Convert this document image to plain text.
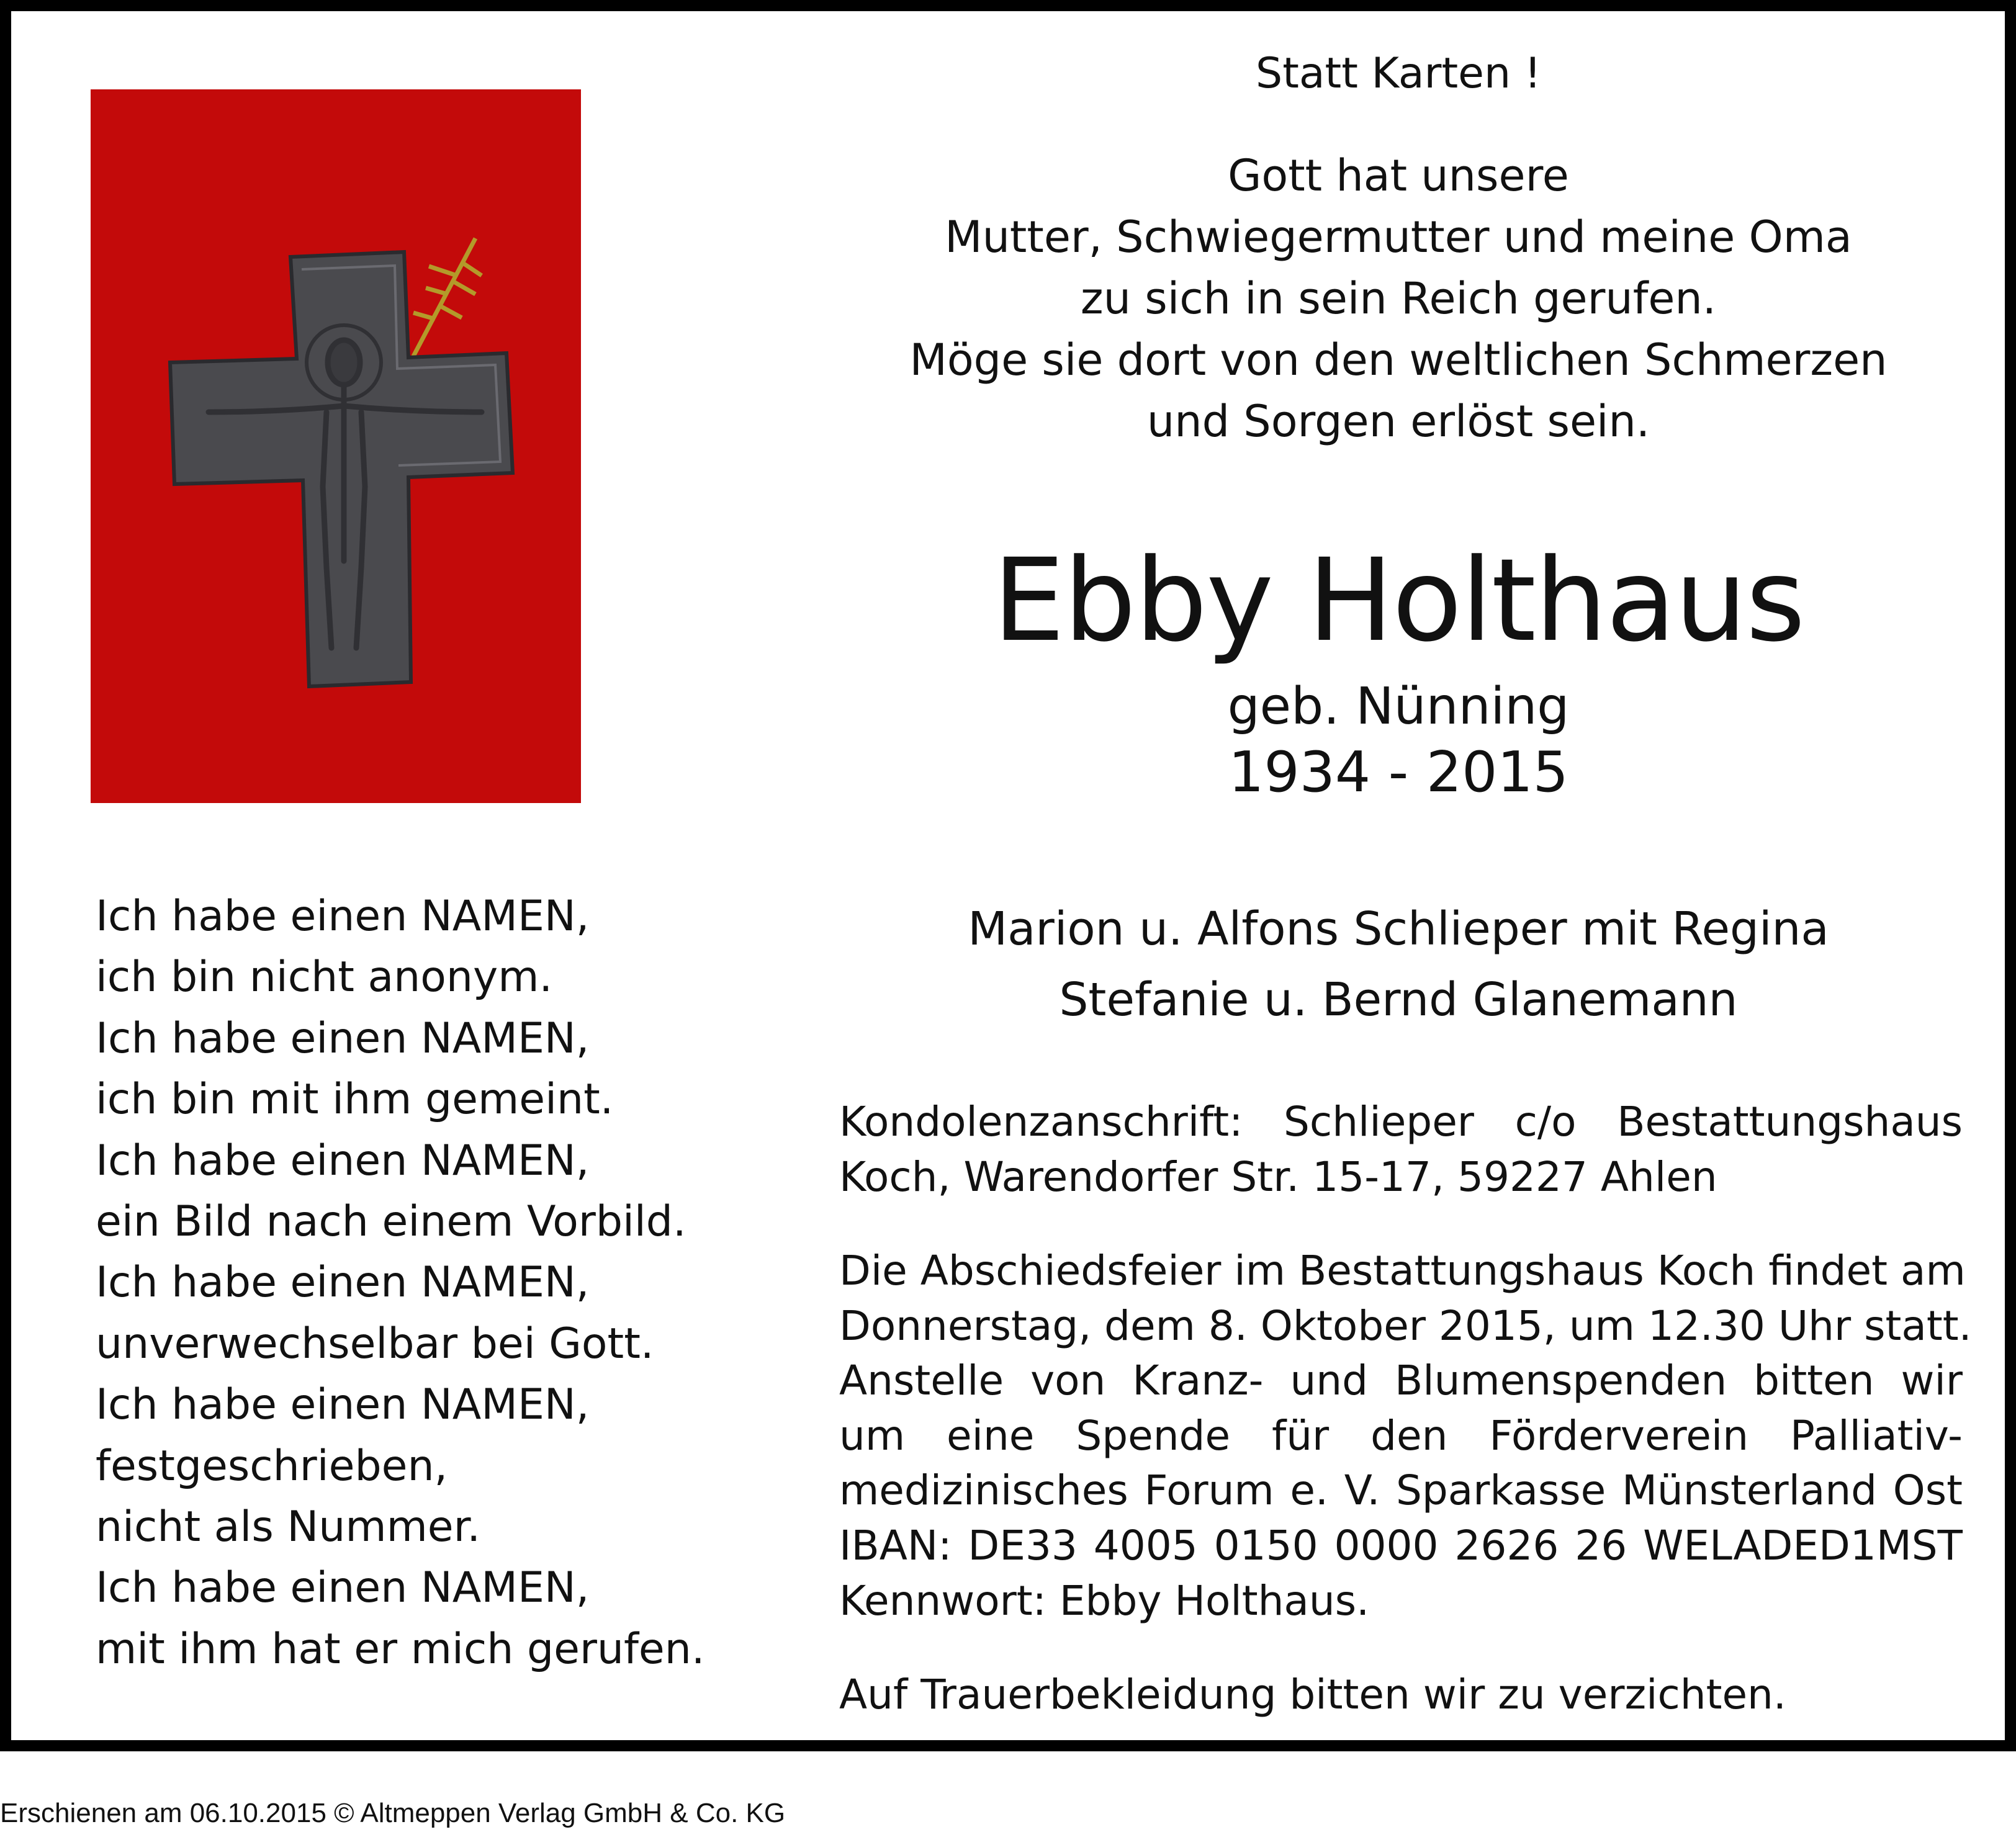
Statt Karten !
Gott hat unsere
Mutter, Schwiegermutter und meine Oma
zu sich in sein Reich gerufen.
Möge sie dort von den weltlichen Schmerzen
und Sorgen erlöst sein.
Ebby Holthaus
geb. Nünning
1934 - 2015
Marion u. Alfons Schlieper mit Regina
Stefanie u. Bernd Glanemann
Ich habe einen NAMEN,
ich bin nicht anonym.
Ich habe einen NAMEN,
ich bin mit ihm gemeint.
Ich habe einen NAMEN,
ein Bild nach einem Vorbild.
Ich habe einen NAMEN,
unverwechselbar bei Gott.
Ich habe einen NAMEN,
festgeschrieben,
nicht als Nummer.
Ich habe einen NAMEN,
mit ihm hat er mich gerufen.
Kondolenzanschrift: Schlieper c/o Bestattungshaus
Koch, Warendorfer Str. 15-17, 59227 Ahlen
Die Abschiedsfeier im Bestattungshaus Koch findet am
Donnerstag, dem 8. Oktober 2015, um 12.30 Uhr statt.
Anstelle von Kranz- und Blumenspenden bitten wir
um eine Spende für den Förderverein Palliativ-
medizinisches Forum e. V. Sparkasse Münsterland Ost
IBAN: DE33 4005 0150 0000 2626 26 WELADED1MST
Kennwort: Ebby Holthaus.
Auf Trauerbekleidung bitten wir zu verzichten.
Erschienen am 06.10.2015 © Altmeppen Verlag GmbH & Co. KG
